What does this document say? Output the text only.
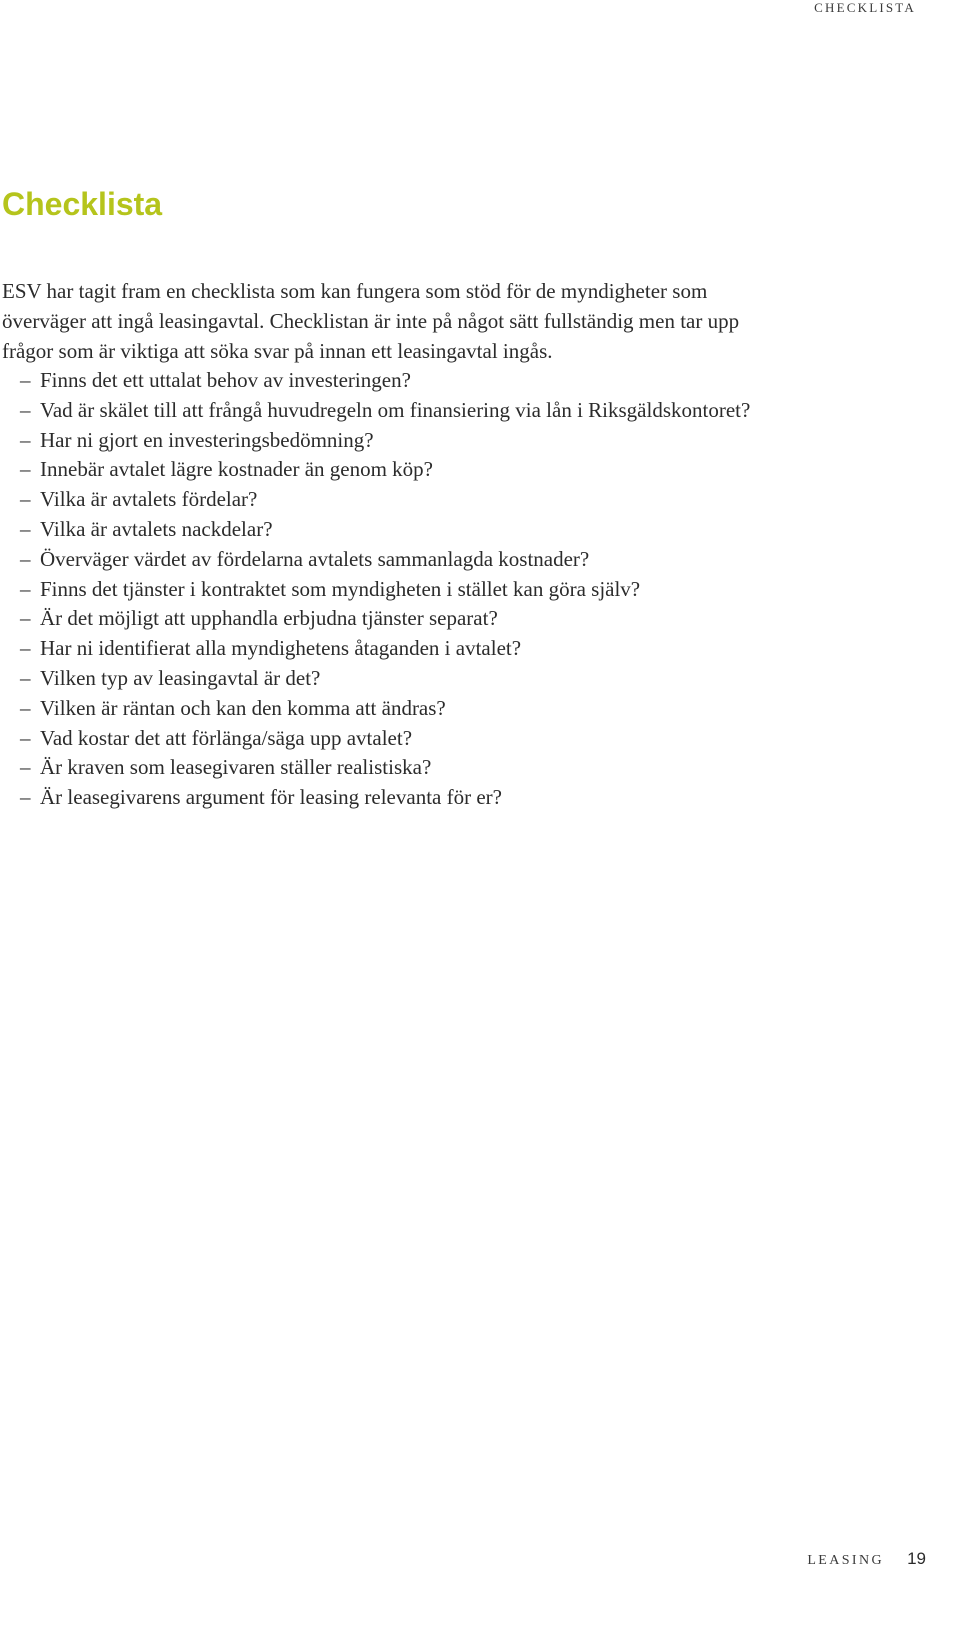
CHECKLISTA
Checklista

ESV har tagit fram en checklista som kan fungera som stöd för de myndigheter som överväger att ingå leasingavtal. Checklistan är inte på något sätt fullständig men tar upp frågor som är viktiga att söka svar på innan ett leasingavtal ingås.

– Finns det ett uttalat behov av investeringen?
– Vad är skälet till att frångå huvudregeln om finansiering via lån i Riksgäldskontoret?
– Har ni gjort en investeringsbedömning?
– Innebär avtalet lägre kostnader än genom köp?
– Vilka är avtalets fördelar?
– Vilka är avtalets nackdelar?
– Överväger värdet av fördelarna avtalets sammanlagda kostnader?
– Finns det tjänster i kontraktet som myndigheten i stället kan göra själv?
– Är det möjligt att upphandla erbjudna tjänster separat?
– Har ni identifierat alla myndighetens åtaganden i avtalet?
– Vilken typ av leasingavtal är det?
– Vilken är räntan och kan den komma att ändras?
– Vad kostar det att förlänga/säga upp avtalet?
– Är kraven som leasegivaren ställer realistiska?
– Är leasegivarens argument för leasing relevanta för er?
LEASING 19
